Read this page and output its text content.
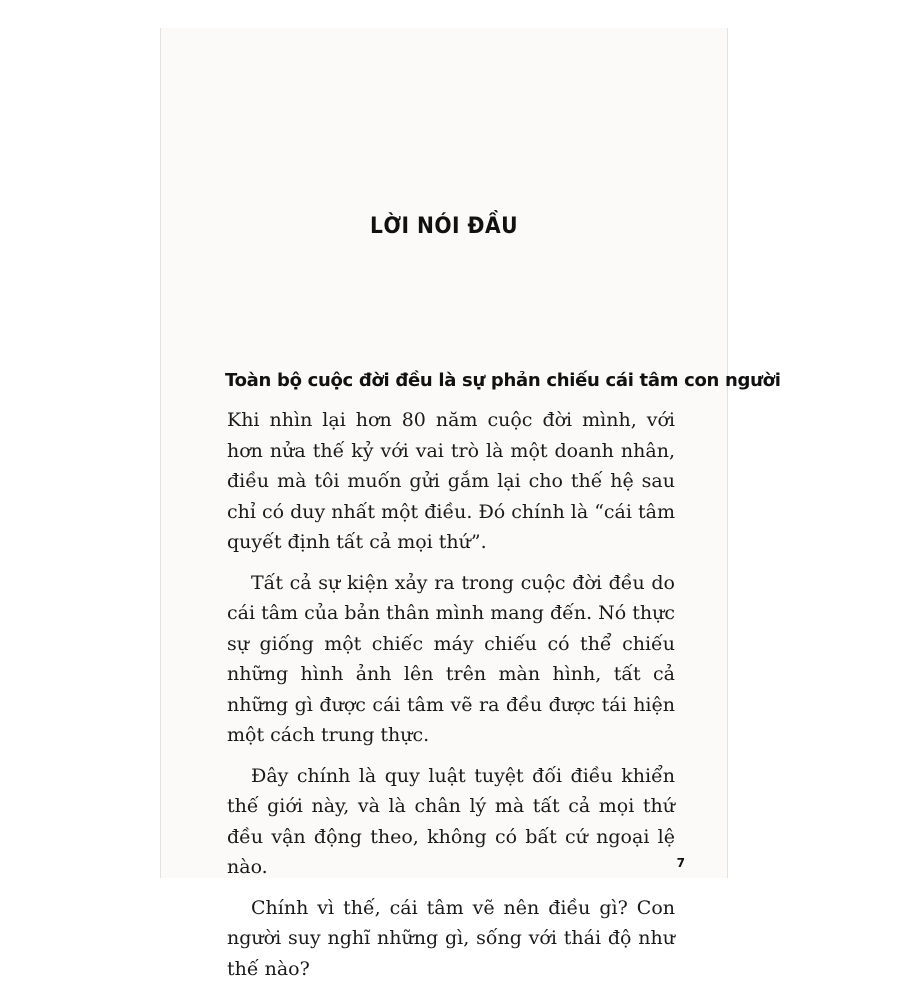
LỜI NÓI ĐẦU
Toàn bộ cuộc đời đều là sự phản chiếu cái tâm con người

Khi nhìn lại hơn 80 năm cuộc đời mình, với hơn nửa thế kỷ với vai trò là một doanh nhân, điều mà tôi muốn gửi gắm lại cho thế hệ sau chỉ có duy nhất một điều. Đó chính là “cái tâm quyết định tất cả mọi thứ”.

Tất cả sự kiện xảy ra trong cuộc đời đều do cái tâm của bản thân mình mang đến. Nó thực sự giống một chiếc máy chiếu có thể chiếu những hình ảnh lên trên màn hình, tất cả những gì được cái tâm vẽ ra đều được tái hiện một cách trung thực.

Đây chính là quy luật tuyệt đối điều khiển thế giới này, và là chân lý mà tất cả mọi thứ đều vận động theo, không có bất cứ ngoại lệ nào.

Chính vì thế, cái tâm vẽ nên điều gì? Con người suy nghĩ những gì, sống với thái độ như thế nào?

7
